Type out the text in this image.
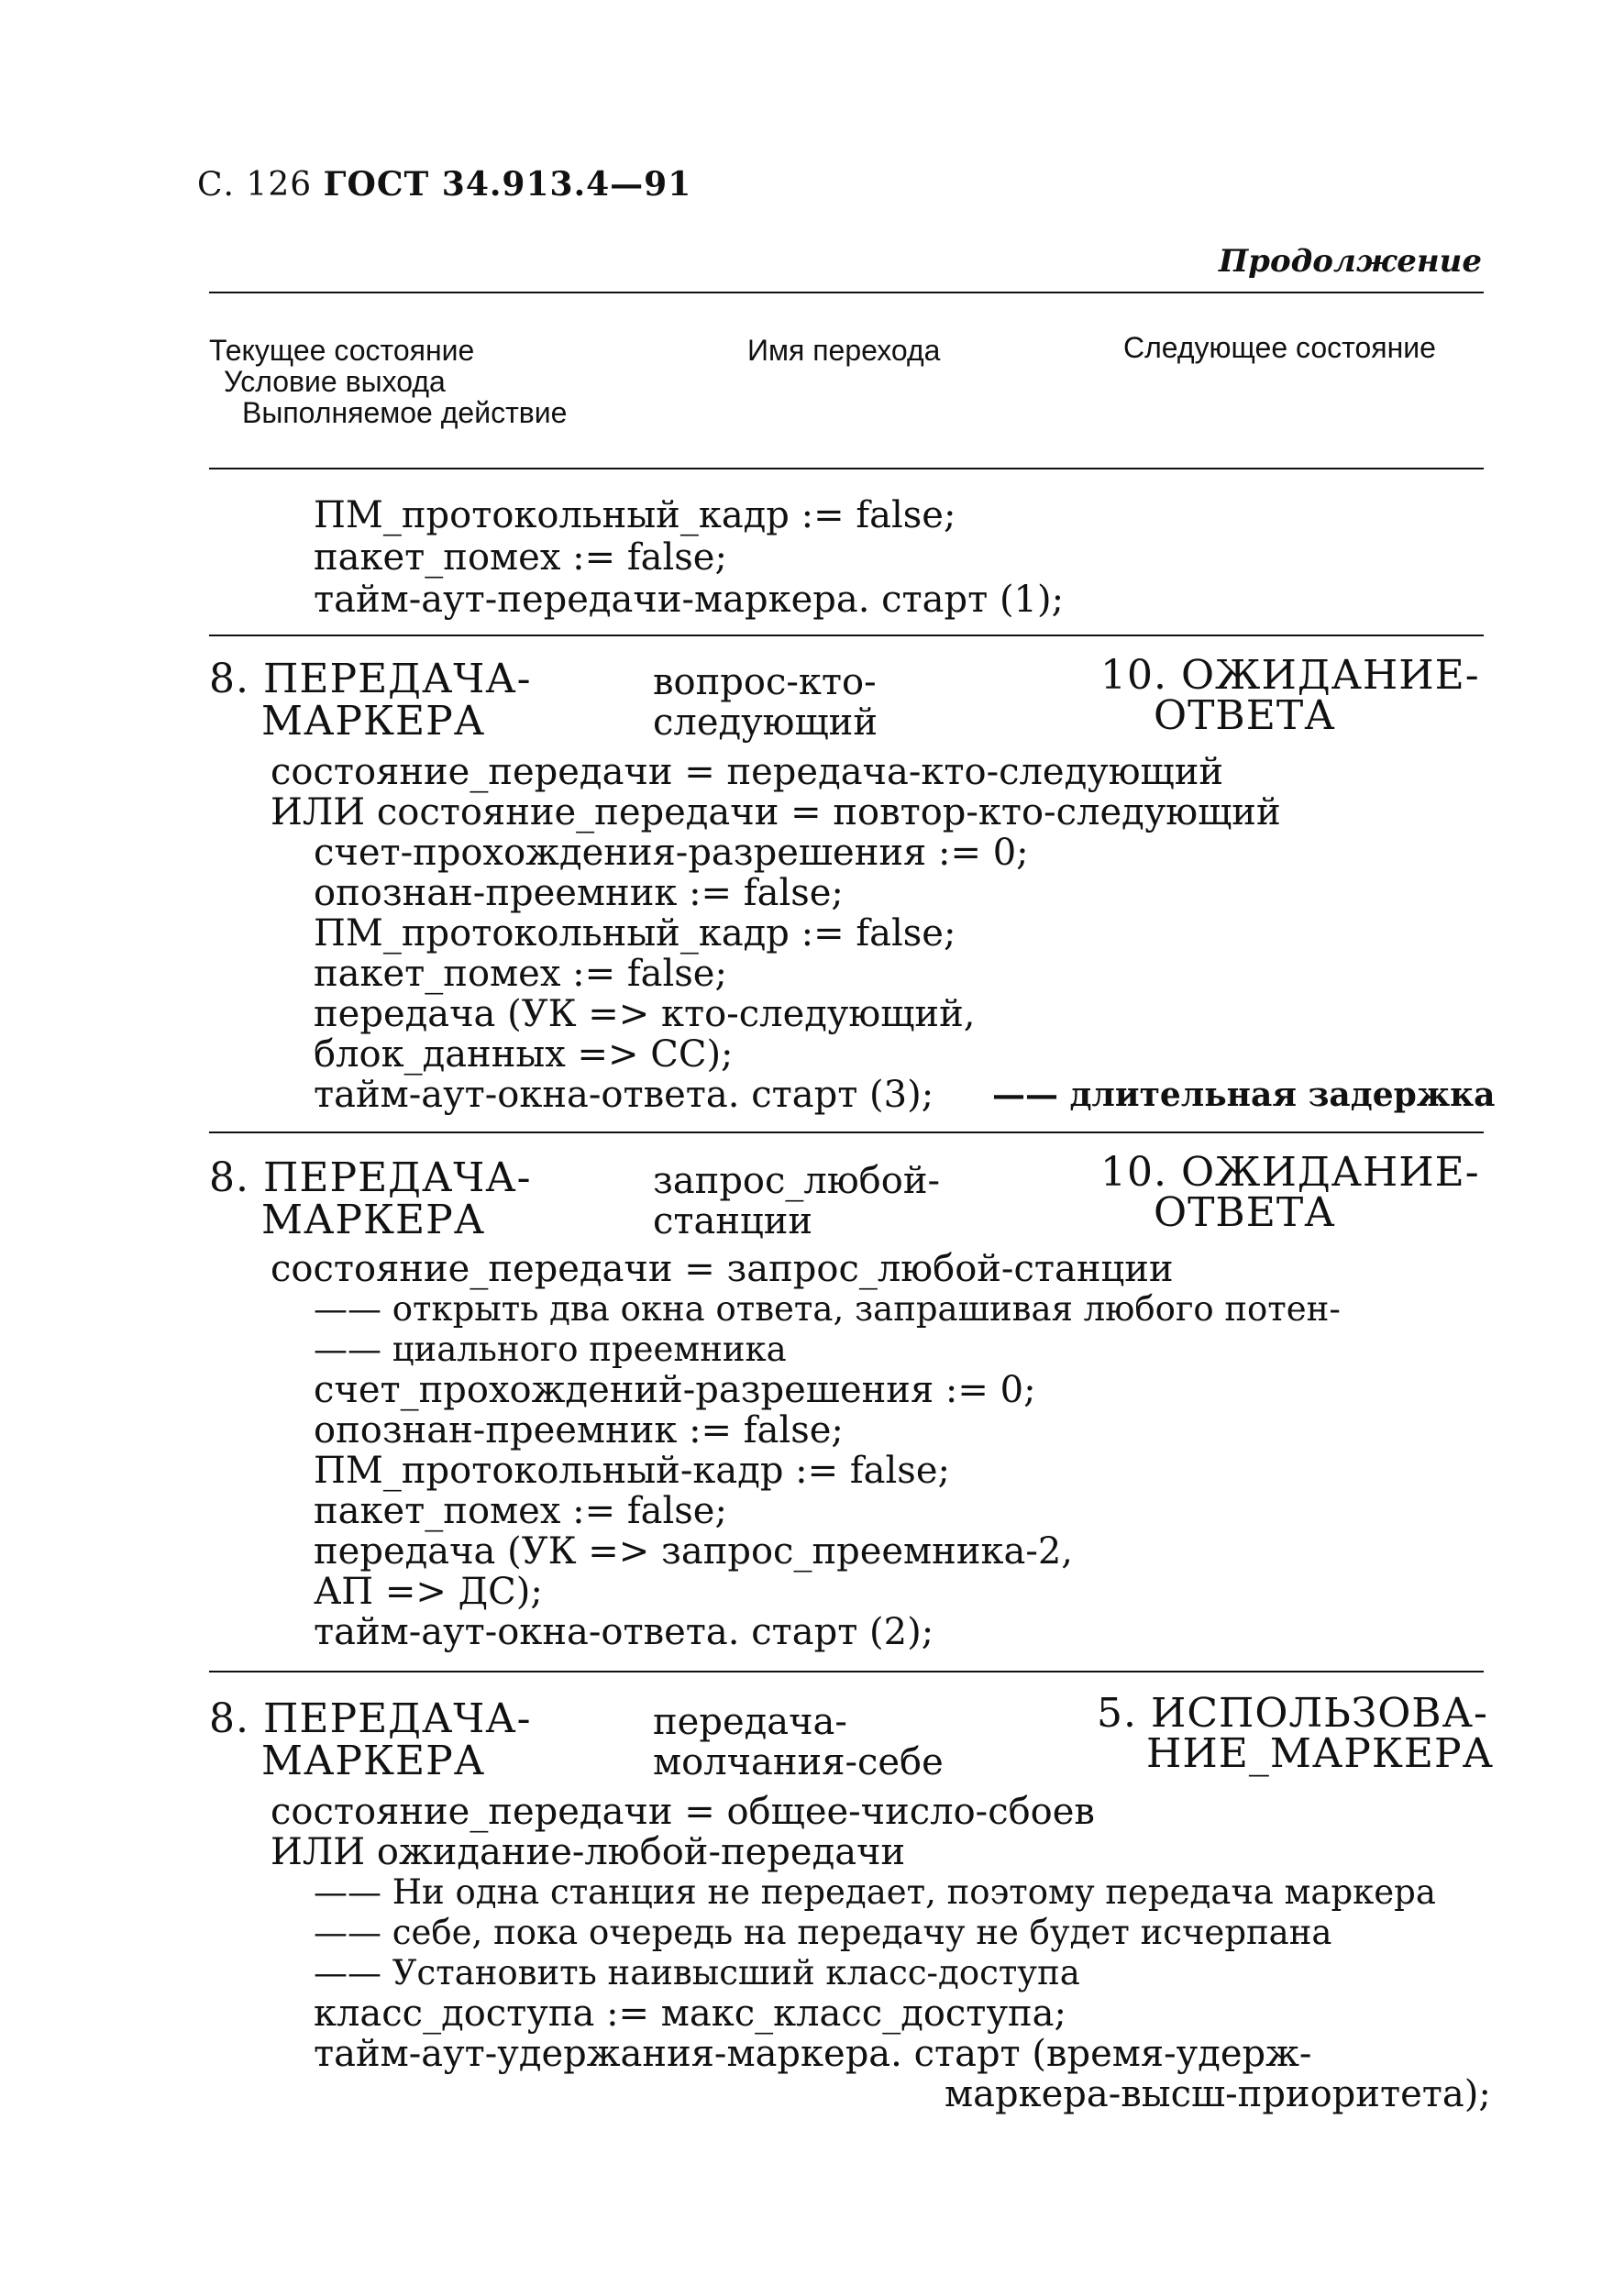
С. 126 ГОСТ 34.913.4—91
Продолжение
Текущее состояние
Условие выхода
Выполняемое действие
Имя перехода	Следующее состояние
ПМ_протокольный_кадр := false;
пакет_помех := false;
тайм-аут-передачи-маркера. старт (1);
8. ПЕРЕДАЧА-
МАРКЕРА
вопрос-кто-
следующий
10. ОЖИДАНИЕ-
ОТВЕТА
состояние_передачи = передача-кто-следующий
ИЛИ состояние_передачи = повтор-кто-следующий
счет-прохождения-разрешения := 0;
опознан-преемник := false;
ПМ_протокольный_кадр := false;
пакет_помех := false;
передача (УК => кто-следующий,
блок_данных => СС);
тайм-аут-окна-ответа. старт (3); —— длительная задержка
8. ПЕРЕДАЧА-
МАРКЕРА
запрос_любой-
станции
10. ОЖИДАНИЕ-
ОТВЕТА
состояние_передачи = запрос_любой-станции
—— открыть два окна ответа, запрашивая любого потен-
—— циального преемника
счет_прохождений-разрешения := 0;
опознан-преемник := false;
ПМ_протокольный-кадр := false;
пакет_помех := false;
передача (УК => запрос_преемника-2,
АП => ДС);
тайм-аут-окна-ответа. старт (2);
8. ПЕРЕДАЧА-
МАРКЕРА
передача-
молчания-себе
5. ИСПОЛЬЗОВА-
НИЕ_МАРКЕРА
состояние_передачи = общее-число-сбоев
ИЛИ ожидание-любой-передачи
—— Ни одна станция не передает, поэтому передача маркера
—— себе, пока очередь на передачу не будет исчерпана
—— Установить наивысший класс-доступа
класс_доступа := макс_класс_доступа;
тайм-аут-удержания-маркера. старт (время-удерж-
маркера-высш-приоритета);
